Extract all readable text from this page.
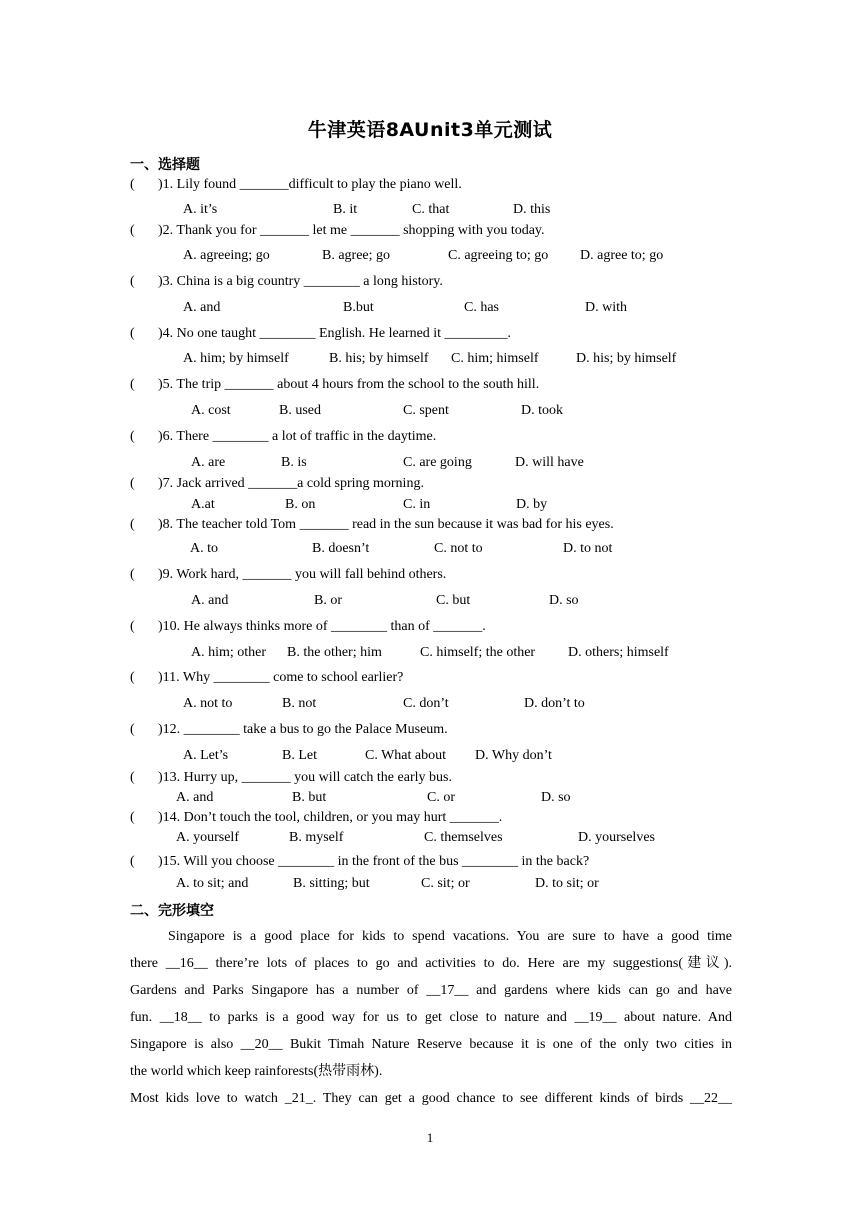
牛津英语8AUnit3单元测试
一、选择题
( )1. Lily found _______difficult to play the piano well.
A. it’s	B. it	C. that	D. this
( )2. Thank you for _______ let me _______ shopping with you today.
A. agreeing; go	B. agree; go	C. agreeing to; go D. agree to; go
( )3. China is a big country ________ a long history.
A. and	B.but	C. has	D. with
( )4. No one taught ________ English. He learned it _________.
A. him; by himself	B. his; by himself C. him; himself	D. his; by himself
( )5. The trip _______ about 4 hours from the school to the south hill.
A. cost	B. used	C. spent	D. took
( )6. There ________ a lot of traffic in the daytime.
A. are	B. is	C. are going	D. will have
( )7. Jack arrived _______a cold spring morning.
A.at	B. on	C. in	D. by
( )8. The teacher told Tom _______ read in the sun because it was bad for his eyes.
A. to	B. doesn’t	C. not to	D. to not
( )9. Work hard, _______ you will fall behind others.
A. and	B. or	C. but	D. so
( )10. He always thinks more of ________ than of _______.
A. him; other B. the other; him	C. himself; the other D. others; himself
( )11. Why ________ come to school earlier?
A. not to	B. not	C. don’t	D. don’t to
( )12. ________ take a bus to go the Palace Museum.
A. Let’s	B. Let	C. What about D. Why don’t
( )13. Hurry up, _______ you will catch the early bus.
A. and	B. but	C. or	D. so
( )14. Don’t touch the tool, children, or you may hurt _______.
A. yourself	B. myself	C. themselves	D. yourselves
( )15. Will you choose ________ in the front of the bus ________ in the back?
A. to sit; and	B. sitting; but	C. sit; or	D. to sit; or
二、完形填空
Singapore is a good place for kids to spend vacations. You are sure to have a good time
there __16__ there’re lots of places to go and activities to do. Here are my suggestions(建议).
Gardens and Parks Singapore has a number of __17__ and gardens where kids can go and have
fun. __18__ to parks is a good way for us to get close to nature and __19__ about nature. And
Singapore is also __20__ Bukit Timah Nature Reserve because it is one of the only two cities in
the world which keep rainforests(热带雨林).
Most kids love to watch _21_. They can get a good chance to see different kinds of birds __22__
1
